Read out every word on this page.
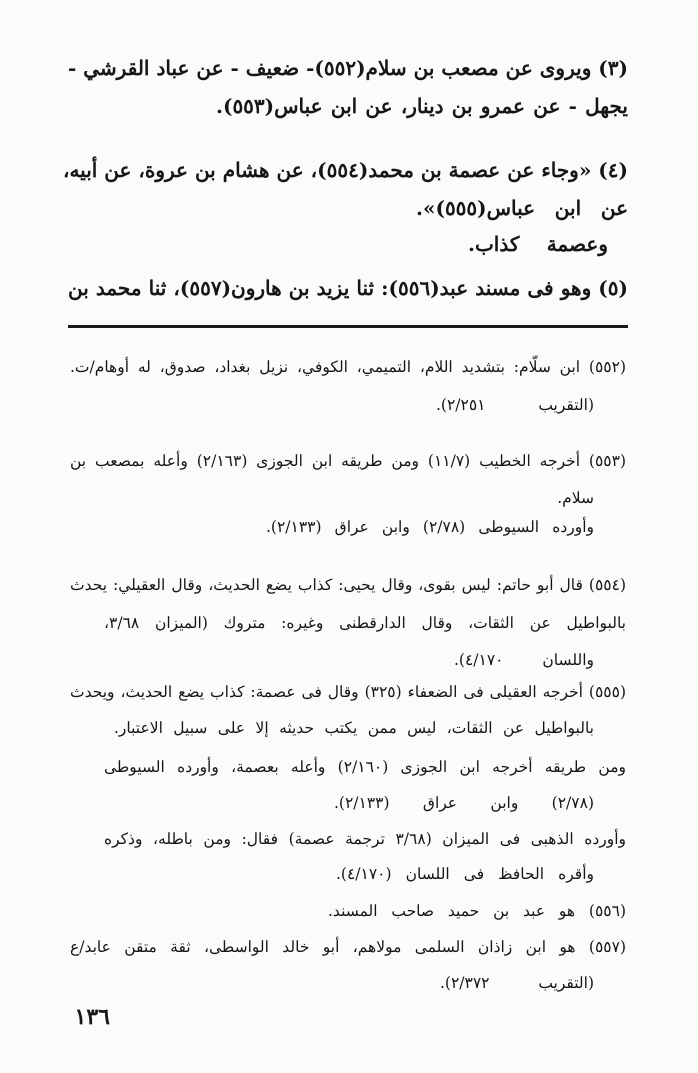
(٣) ويروى عن مصعب بن سلام(٥٥٢)- ضعيف - عن عباد القرشي -

يجهل - عن عمرو بن دينار، عن ابن عباس(٥٥٣).

(٤) «وجاء عن عصمة بن محمد(٥٥٤)، عن هشام بن عروة، عن أبيه،

عن ابن عباس(٥٥٥)».

وعصمة كذاب.

(٥) وهو فى مسند عبد(٥٥٦): ثنا يزيد بن هارون(٥٥٧)، ثنا محمد بن

(٥٥٢) ابن سلّام: بتشديد اللام، التميمي، الكوفي، نزيل بغداد، صدوق، له أوهام/ت.

(التقريب ٢/٢٥١).

(٥٥٣) أخرجه الخطيب (١١/٧) ومن طريقه ابن الجوزى (٢/١٦٣) وأعله بمصعب بن

سلام.

وأورده السيوطى (٢/٧٨) وابن عراق (٢/١٣٣).

(٥٥٤) قال أبو حاتم: ليس بقوى، وقال يحيى: كذاب يضع الحديث، وقال العقيلي: يحدث

بالبواطيل عن الثقات، وقال الدارقطنى وغيره: متروك (الميزان ٣/٦٨،

واللسان ٤/١٧٠).

(٥٥٥) أخرجه العقيلى فى الضعفاء (٣٢٥) وقال فى عصمة: كذاب يضع الحديث، ويحدث

بالبواطيل عن الثقات، ليس ممن يكتب حديثه إلا على سبيل الاعتبار.

ومن طريقه أخرجه ابن الجوزى (٢/١٦٠) وأعله بعصمة، وأورده السيوطى

(٢/٧٨) وابن عراق (٢/١٣٣).

وأورده الذهبى فى الميزان (٣/٦٨ ترجمة عصمة) فقال: ومن باطله، وذكره

وأقره الحافظ فى اللسان (٤/١٧٠).

(٥٥٦) هو عبد بن حميد صاحب المسند.

(٥٥٧) هو ابن زاذان السلمى مولاهم، أبو خالد الواسطى، ثقة متقن عابد/ع

(التقريب ٢/٣٧٢).

١٣٦
